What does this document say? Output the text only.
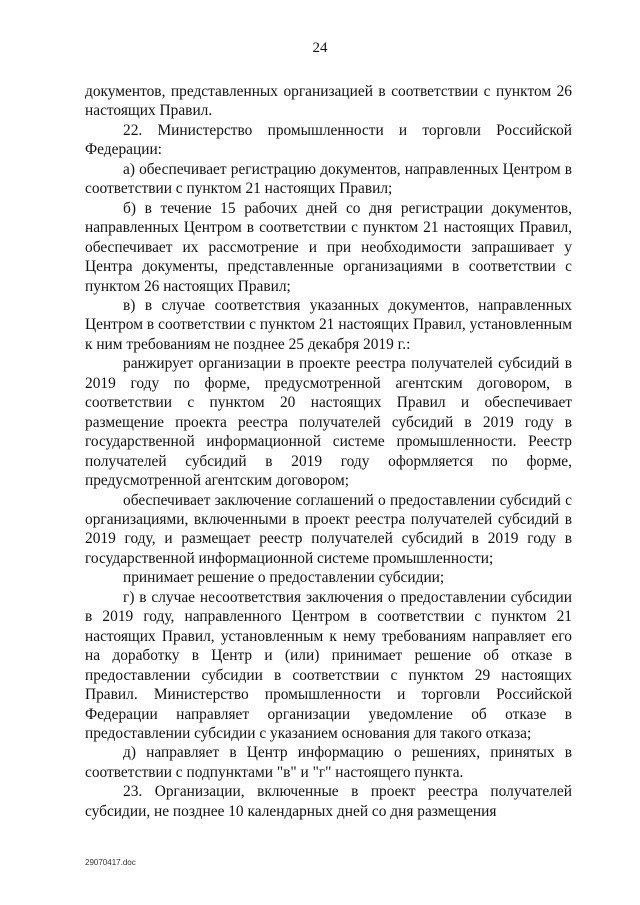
24

документов, представленных организацией в соответствии с пунктом 26 настоящих Правил.

22. Министерство промышленности и торговли Российской Федерации:

а) обеспечивает регистрацию документов, направленных Центром в соответствии с пунктом 21 настоящих Правил;

б) в течение 15 рабочих дней со дня регистрации документов, направленных Центром в соответствии с пунктом 21 настоящих Правил, обеспечивает их рассмотрение и при необходимости запрашивает у Центра документы, представленные организациями в соответствии с пунктом 26 настоящих Правил;

в) в случае соответствия указанных документов, направленных Центром в соответствии с пунктом 21 настоящих Правил, установленным к ним требованиям не позднее 25 декабря 2019 г.:

ранжирует организации в проекте реестра получателей субсидий в 2019 году по форме, предусмотренной агентским договором, в соответствии с пунктом 20 настоящих Правил и обеспечивает размещение проекта реестра получателей субсидий в 2019 году в государственной информационной системе промышленности. Реестр получателей субсидий в 2019 году оформляется по форме, предусмотренной агентским договором;

обеспечивает заключение соглашений о предоставлении субсидий с организациями, включенными в проект реестра получателей субсидий в 2019 году, и размещает реестр получателей субсидий в 2019 году в государственной информационной системе промышленности;

принимает решение о предоставлении субсидии;

г) в случае несоответствия заключения о предоставлении субсидии в 2019 году, направленного Центром в соответствии с пунктом 21 настоящих Правил, установленным к нему требованиям направляет его на доработку в Центр и (или) принимает решение об отказе в предоставлении субсидии в соответствии с пунктом 29 настоящих Правил. Министерство промышленности и торговли Российской Федерации направляет организации уведомление об отказе в предоставлении субсидии с указанием основания для такого отказа;

д) направляет в Центр информацию о решениях, принятых в соответствии с подпунктами "в" и "г" настоящего пункта.

23. Организации, включенные в проект реестра получателей субсидии, не позднее 10 календарных дней со дня размещения

29070417.doc
